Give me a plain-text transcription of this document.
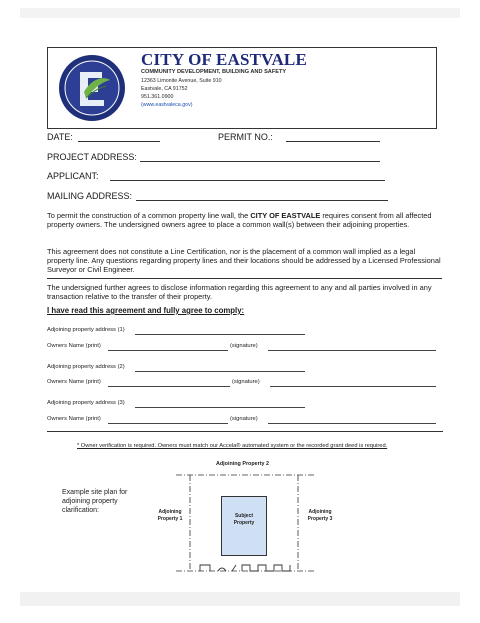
CITY OF EASTVALE
COMMUNITY DEVELOPMENT, BUILDING AND SAFETY
12363 Limonite Avenue, Suite 910
Eastvale, CA 91752
951.361.0900
(www.eastvaleca.gov)
DATE:	PERMIT NO.:
PROJECT ADDRESS:
APPLICANT:
MAILING ADDRESS:
To permit the construction of a common property line wall, the CITY OF EASTVALE requires consent from all affected property owners. The undersigned owners agree to place a common wall(s) between their adjoining properties.
This agreement does not constitute a Line Certification, nor is the placement of a common wall implied as a legal property line. Any questions regarding property lines and their locations should be addressed by a Licensed Professional Surveyor or Civil Engineer.
The undersigned further agrees to disclose information regarding this agreement to any and all parties involved in any transaction relative to the transfer of their property.
I have read this agreement and fully agree to comply:
Adjoining property address (1)
Owners Name (print)	(signature)
Adjoining property address (2)
Owners Name (print)	(signature)
Adjoining property address (3)
Owners Name (print)	(signature)
* Owner verification is required. Owners must match our Accela® automated system or the recorded grant deed is required.
Adjoining Property 2
Example site plan for adjoining property clarification:	Adjoining
Property 1	Subject
Property
Adjoining
Property 3
